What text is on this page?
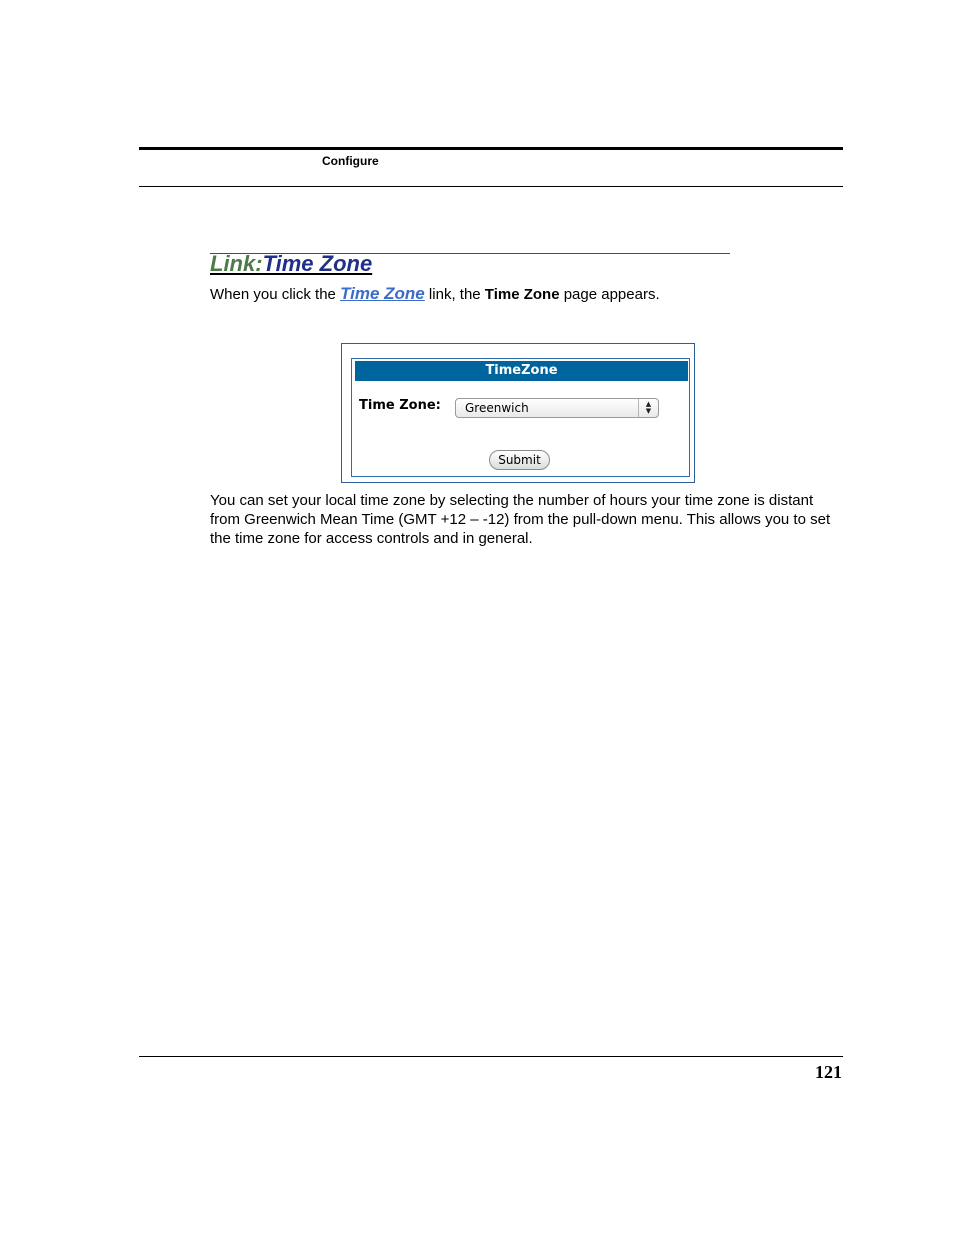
Configure
Link:Time Zone
When you click the Time Zone link, the Time Zone page appears.
TimeZone
Time Zone:	Greenwich	▲
▼
Submit
You can set your local time zone by selecting the number of hours your time zone is distant from Greenwich Mean Time (GMT +12 – -12) from the pull-down menu. This allows you to set the time zone for access controls and in general.
121
